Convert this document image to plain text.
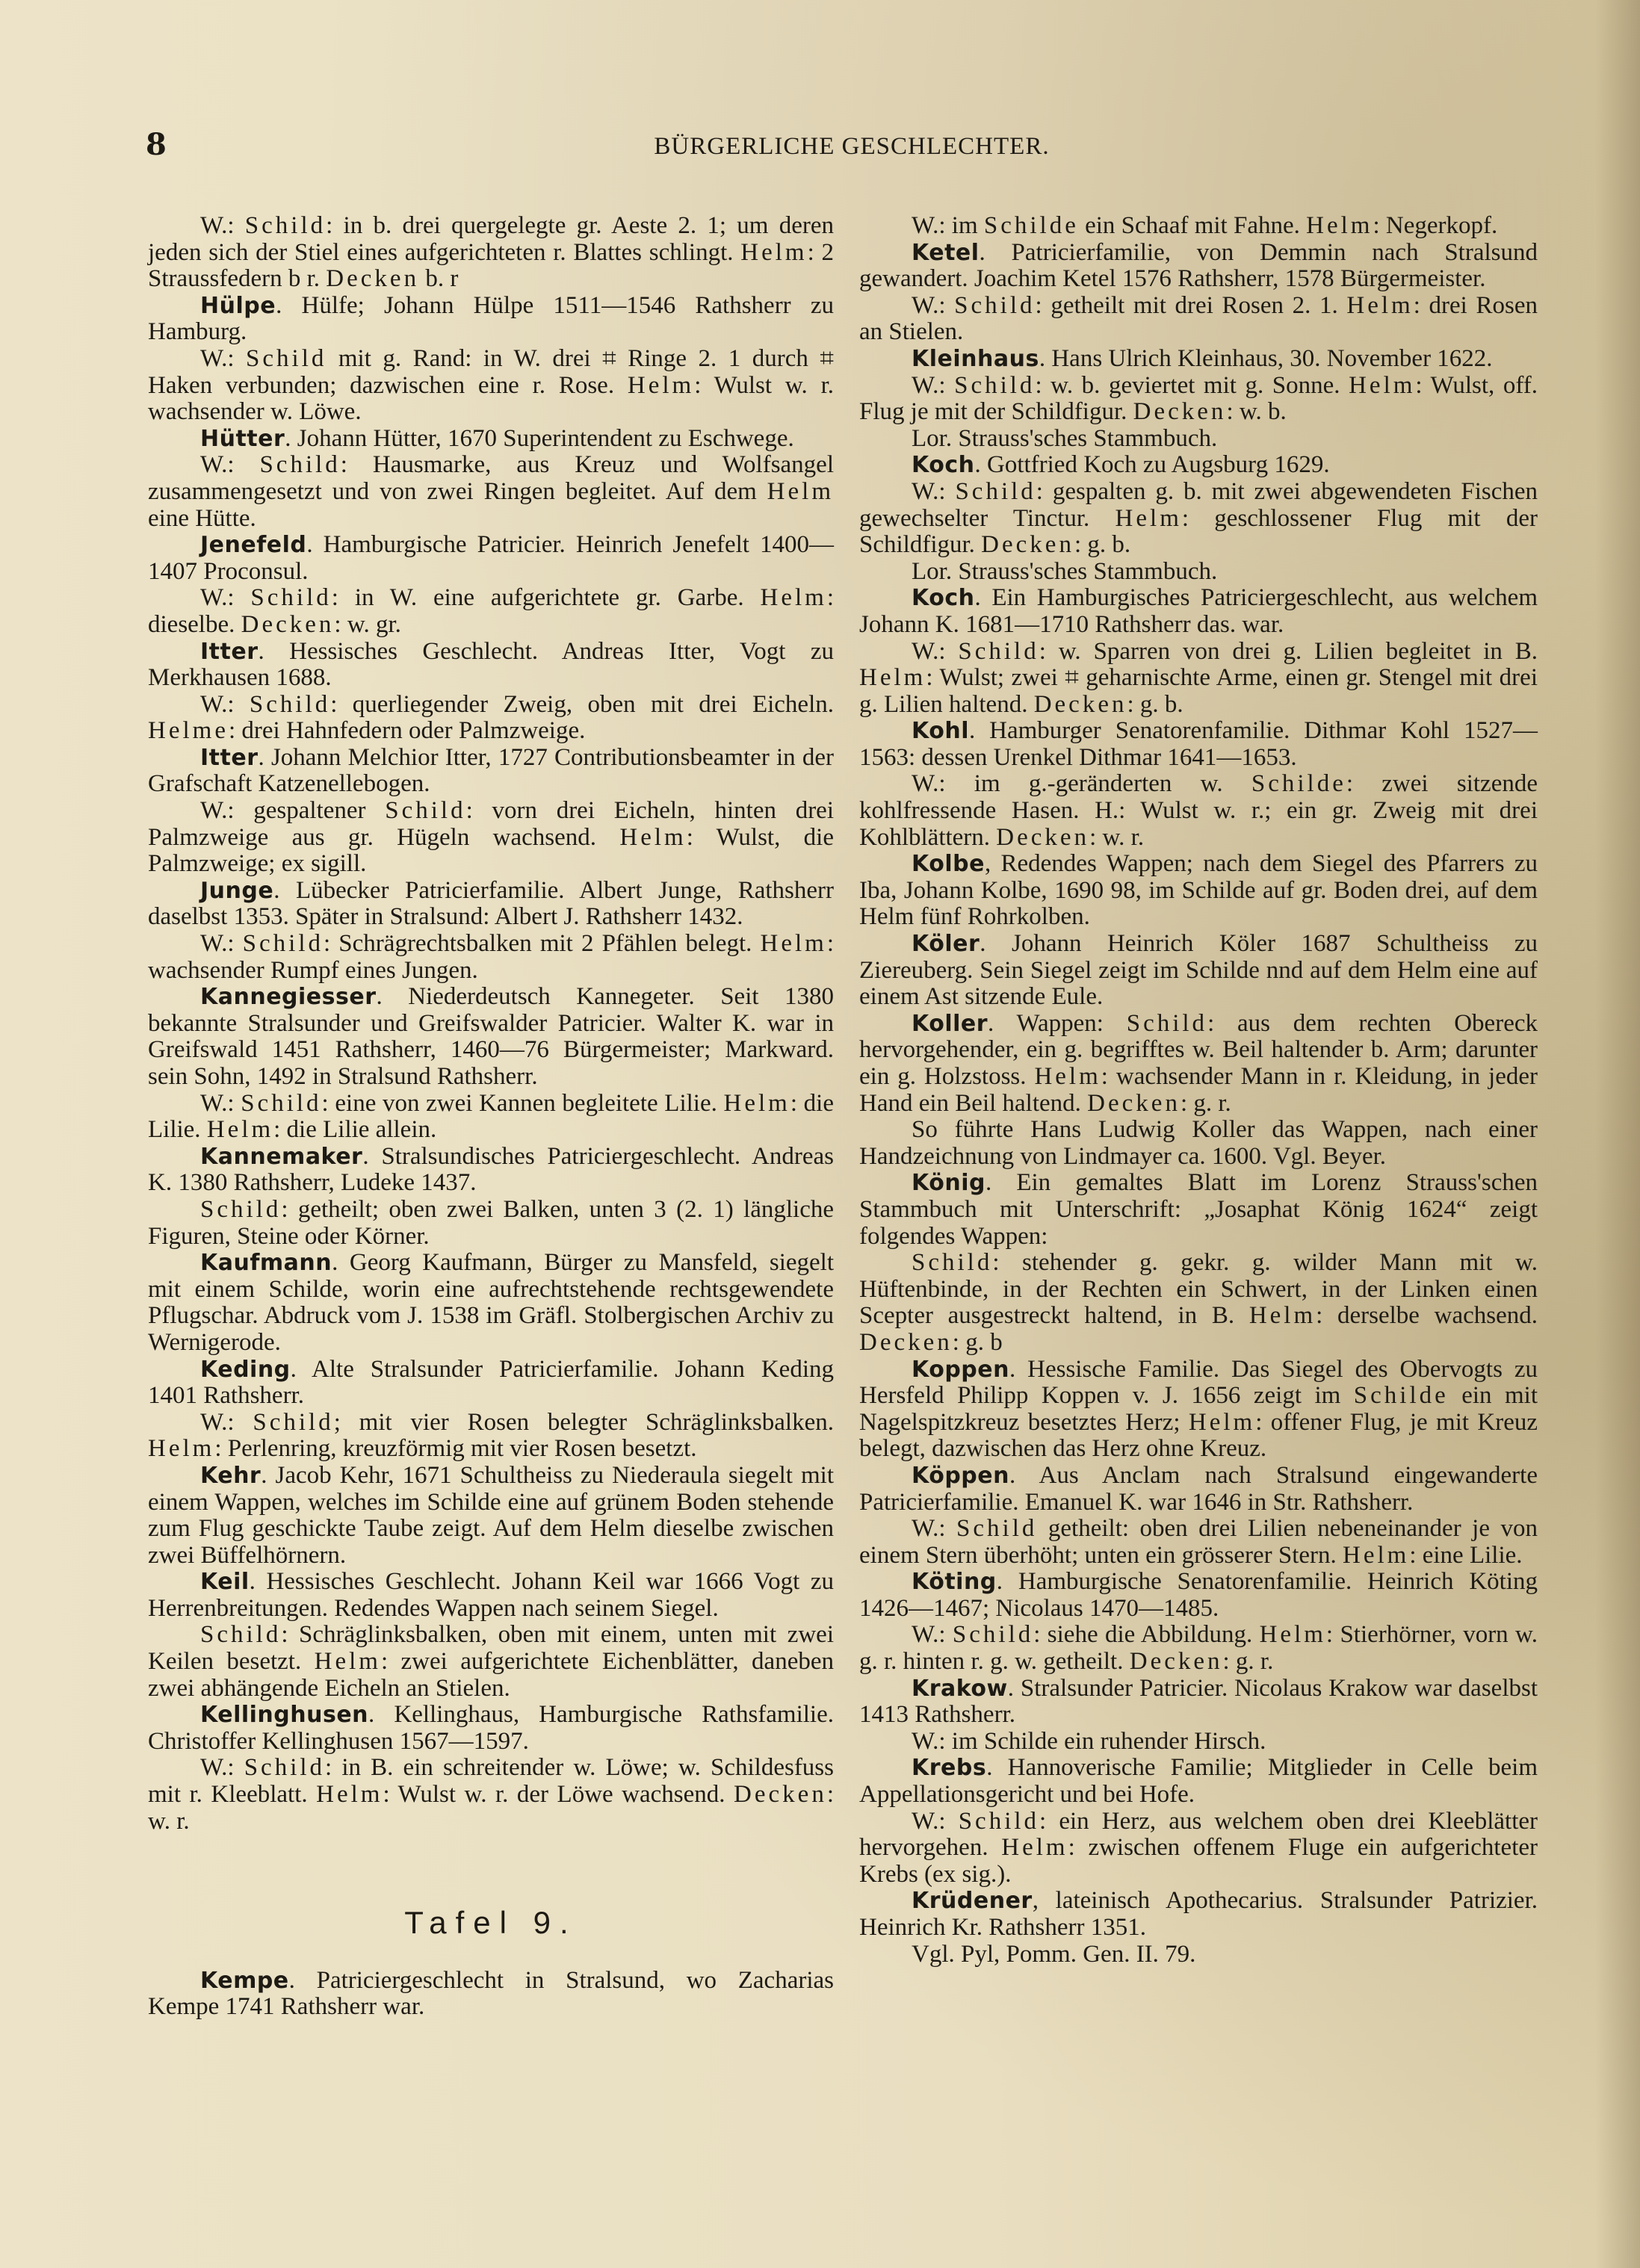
8	BÜRGERLICHE GESCHLECHTER.

W.: Schild: in b. drei quergelegte gr. Aeste 2. 1; um deren jeden sich der Stiel eines aufgerichteten r. Blattes schlingt. Helm: 2 Straussfedern b r. Decken b. r

Hülpe. Hülfe; Johann Hülpe 1511—1546 Rathsherr zu Hamburg.

W.: Schild mit g. Rand: in W. drei ⌗ Ringe 2. 1 durch ⌗ Haken verbunden; dazwischen eine r. Rose. Helm: Wulst w. r. wachsender w. Löwe.

Hütter. Johann Hütter, 1670 Superintendent zu Eschwege.

W.: Schild: Hausmarke, aus Kreuz und Wolfsangel zusammengesetzt und von zwei Ringen begleitet. Auf dem Helm eine Hütte.

Jenefeld. Hamburgische Patricier. Heinrich Jenefelt 1400—1407 Proconsul.

W.: Schild: in W. eine aufgerichtete gr. Garbe. Helm: dieselbe. Decken: w. gr.

Itter. Hessisches Geschlecht. Andreas Itter, Vogt zu Merkhausen 1688.

W.: Schild: querliegender Zweig, oben mit drei Eicheln. Helme: drei Hahnfedern oder Palmzweige.

Itter. Johann Melchior Itter, 1727 Contributionsbeamter in der Grafschaft Katzenellebogen.

W.: gespaltener Schild: vorn drei Eicheln, hinten drei Palmzweige aus gr. Hügeln wachsend. Helm: Wulst, die Palmzweige; ex sigill.

Junge. Lübecker Patricierfamilie. Albert Junge, Rathsherr daselbst 1353. Später in Stralsund: Albert J. Rathsherr 1432.

W.: Schild: Schrägrechtsbalken mit 2 Pfählen belegt. Helm: wachsender Rumpf eines Jungen.

Kannegiesser. Niederdeutsch Kannegeter. Seit 1380 bekannte Stralsunder und Greifswalder Patricier. Walter K. war in Greifswald 1451 Rathsherr, 1460—76 Bürgermeister; Markward. sein Sohn, 1492 in Stralsund Rathsherr.

W.: Schild: eine von zwei Kannen begleitete Lilie. Helm: die Lilie. Helm: die Lilie allein.

Kannemaker. Stralsundisches Patriciergeschlecht. Andreas K. 1380 Rathsherr, Ludeke 1437.

Schild: getheilt; oben zwei Balken, unten 3 (2. 1) längliche Figuren, Steine oder Körner.

Kaufmann. Georg Kaufmann, Bürger zu Mansfeld, siegelt mit einem Schilde, worin eine aufrechtstehende rechtsgewendete Pflugschar. Abdruck vom J. 1538 im Gräfl. Stolbergischen Archiv zu Wernigerode.

Keding. Alte Stralsunder Patricierfamilie. Johann Keding 1401 Rathsherr.

W.: Schild; mit vier Rosen belegter Schräglinksbalken. Helm: Perlenring, kreuzförmig mit vier Rosen besetzt.

Kehr. Jacob Kehr, 1671 Schultheiss zu Niederaula siegelt mit einem Wappen, welches im Schilde eine auf grünem Boden stehende zum Flug geschickte Taube zeigt. Auf dem Helm dieselbe zwischen zwei Büffelhörnern.

Keil. Hessisches Geschlecht. Johann Keil war 1666 Vogt zu Herrenbreitungen. Redendes Wappen nach seinem Siegel.

Schild: Schräglinksbalken, oben mit einem, unten mit zwei Keilen besetzt. Helm: zwei aufgerichtete Eichenblätter, daneben zwei abhängende Eicheln an Stielen.

Kellinghusen. Kellinghaus, Hamburgische Rathsfamilie. Christoffer Kellinghusen 1567—1597.

W.: Schild: in B. ein schreitender w. Löwe; w. Schildesfuss mit r. Kleeblatt. Helm: Wulst w. r. der Löwe wachsend. Decken: w. r.

Tafel 9.

Kempe. Patriciergeschlecht in Stralsund, wo Zacharias Kempe 1741 Rathsherr war.

W.: im Schilde ein Schaaf mit Fahne. Helm: Negerkopf.

Ketel. Patricierfamilie, von Demmin nach Stralsund gewandert. Joachim Ketel 1576 Rathsherr, 1578 Bürgermeister.

W.: Schild: getheilt mit drei Rosen 2. 1. Helm: drei Rosen an Stielen.

Kleinhaus. Hans Ulrich Kleinhaus, 30. November 1622.

W.: Schild: w. b. geviertet mit g. Sonne. Helm: Wulst, off. Flug je mit der Schildfigur. Decken: w. b.

Lor. Strauss'sches Stammbuch.

Koch. Gottfried Koch zu Augsburg 1629.

W.: Schild: gespalten g. b. mit zwei abgewendeten Fischen gewechselter Tinctur. Helm: geschlossener Flug mit der Schildfigur. Decken: g. b.

Lor. Strauss'sches Stammbuch.

Koch. Ein Hamburgisches Patriciergeschlecht, aus welchem Johann K. 1681—1710 Rathsherr das. war.

W.: Schild: w. Sparren von drei g. Lilien begleitet in B. Helm: Wulst; zwei ⌗ geharnischte Arme, einen gr. Stengel mit drei g. Lilien haltend. Decken: g. b.

Kohl. Hamburger Senatorenfamilie. Dithmar Kohl 1527—1563: dessen Urenkel Dithmar 1641—1653.

W.: im g.-geränderten w. Schilde: zwei sitzende kohlfressende Hasen. H.: Wulst w. r.; ein gr. Zweig mit drei Kohlblättern. Decken: w. r.

Kolbe, Redendes Wappen; nach dem Siegel des Pfarrers zu Iba, Johann Kolbe, 1690 98, im Schilde auf gr. Boden drei, auf dem Helm fünf Rohrkolben.

Köler. Johann Heinrich Köler 1687 Schultheiss zu Ziereuberg. Sein Siegel zeigt im Schilde nnd auf dem Helm eine auf einem Ast sitzende Eule.

Koller. Wappen: Schild: aus dem rechten Obereck hervorgehender, ein g. begrifftes w. Beil haltender b. Arm; darunter ein g. Holzstoss. Helm: wachsender Mann in r. Kleidung, in jeder Hand ein Beil haltend. Decken: g. r.

So führte Hans Ludwig Koller das Wappen, nach einer Handzeichnung von Lindmayer ca. 1600. Vgl. Beyer.

König. Ein gemaltes Blatt im Lorenz Strauss'schen Stammbuch mit Unterschrift: „Josaphat König 1624“ zeigt folgendes Wappen:

Schild: stehender g. gekr. g. wilder Mann mit w. Hüftenbinde, in der Rechten ein Schwert, in der Linken einen Scepter ausgestreckt haltend, in B. Helm: derselbe wachsend. Decken: g. b

Koppen. Hessische Familie. Das Siegel des Obervogts zu Hersfeld Philipp Koppen v. J. 1656 zeigt im Schilde ein mit Nagelspitzkreuz besetztes Herz; Helm: offener Flug, je mit Kreuz belegt, dazwischen das Herz ohne Kreuz.

Köppen. Aus Anclam nach Stralsund eingewanderte Patricierfamilie. Emanuel K. war 1646 in Str. Rathsherr.

W.: Schild getheilt: oben drei Lilien nebeneinander je von einem Stern überhöht; unten ein grösserer Stern. Helm: eine Lilie.

Köting. Hamburgische Senatorenfamilie. Heinrich Köting 1426—1467; Nicolaus 1470—1485.

W.: Schild: siehe die Abbildung. Helm: Stierhörner, vorn w. g. r. hinten r. g. w. getheilt. Decken: g. r.

Krakow. Stralsunder Patricier. Nicolaus Krakow war daselbst 1413 Rathsherr.

W.: im Schilde ein ruhender Hirsch.

Krebs. Hannoverische Familie; Mitglieder in Celle beim Appellationsgericht und bei Hofe.

W.: Schild: ein Herz, aus welchem oben drei Kleeblätter hervorgehen. Helm: zwischen offenem Fluge ein aufgerichteter Krebs (ex sig.).

Krüdener, lateinisch Apothecarius. Stralsunder Patrizier. Heinrich Kr. Rathsherr 1351.

Vgl. Pyl, Pomm. Gen. II. 79.
